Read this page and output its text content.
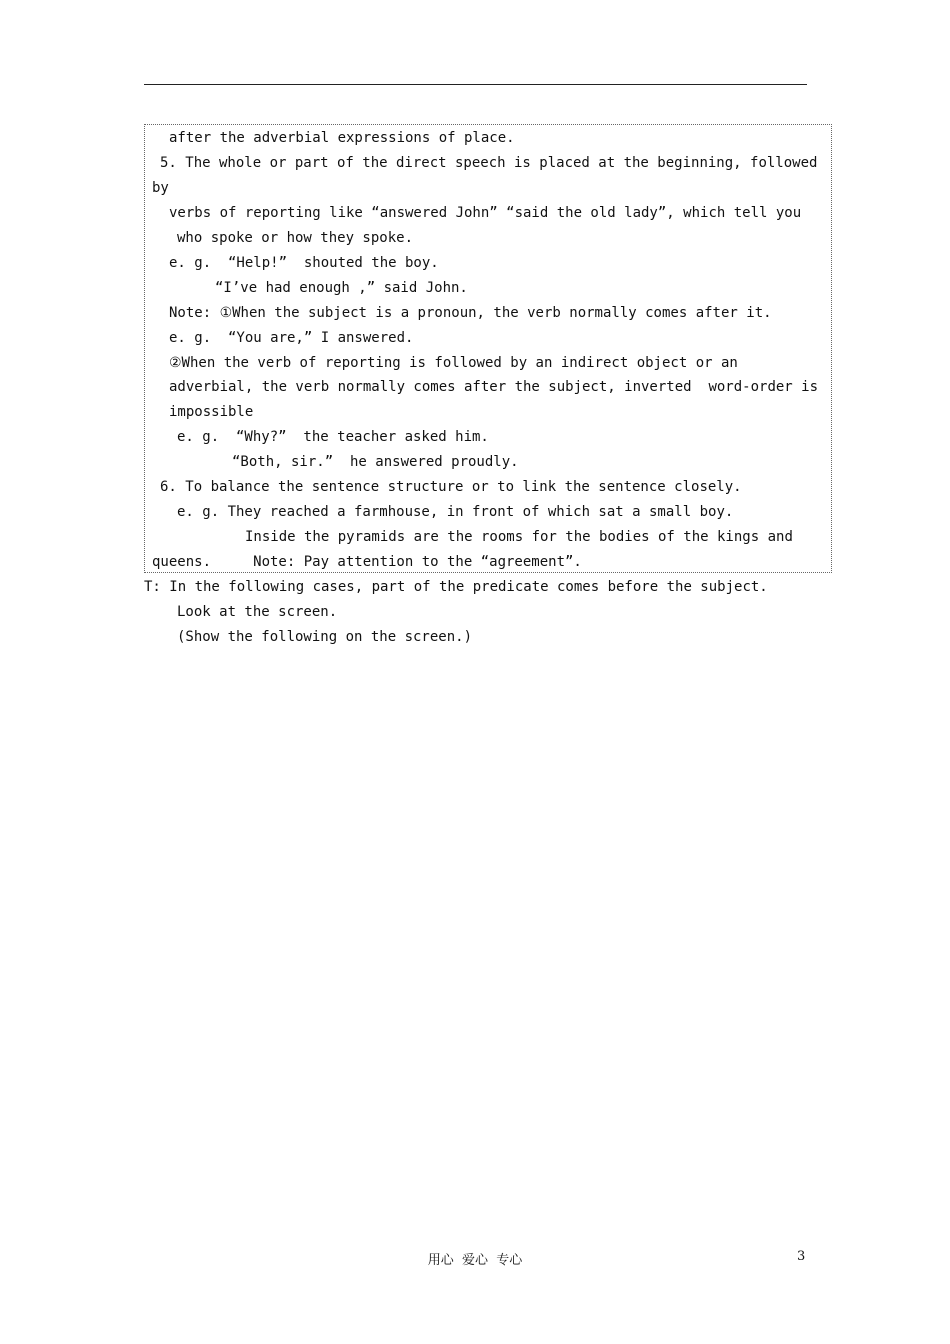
after the adverbial expressions of place.
5. The whole or part of the direct speech is placed at the beginning, followed
by
verbs of reporting like “answered John” “said the old lady”, which tell you
who spoke or how they spoke.
e. g.  “Help!”  shouted the boy.
“I’ve had enough ,” said John.
Note: ①When the subject is a pronoun, the verb normally comes after it.
e. g.  “You are,” I answered.
②When the verb of reporting is followed by an indirect object or an
adverbial, the verb normally comes after the subject, inverted  word-order is
impossible
e. g.  “Why?”  the teacher asked him.
“Both, sir.”  he answered proudly.
6. To balance the sentence structure or to link the sentence closely.
e. g. They reached a farmhouse, in front of which sat a small boy.
Inside the pyramids are the rooms for the bodies of the kings and
queens.     Note: Pay attention to the “agreement”.
T: In the following cases, part of the predicate comes before the subject.
Look at the screen.
(Show the following on the screen.)
用心  爱心  专心	3
